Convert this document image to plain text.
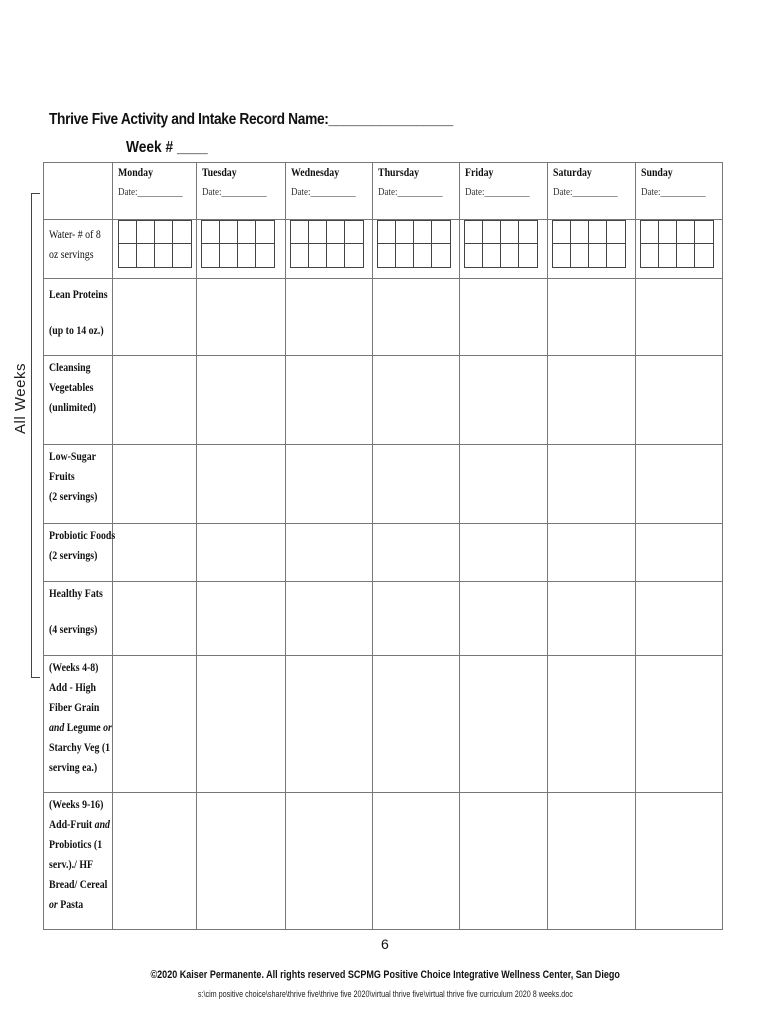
Thrive Five Activity and Intake Record Name:_________________
Week # ____
Monday
Date:__________
Tuesday
Date:__________
Wednesday
Date:__________
Thursday
Date:__________
Friday
Date:__________
Saturday
Date:__________
Sunday
Date:__________
Water- # of 8
oz servings
Lean Proteins
(up to 14 oz.)
Cleansing
Vegetables
(unlimited)
Low-Sugar
Fruits
(2 servings)
Probiotic Foods
(2 servings)
Healthy Fats
(4 servings)
(Weeks 4-8)
Add - High
Fiber Grain
and Legume or
Starchy Veg (1
serving ea.)
(Weeks 9-16)
Add-Fruit and
Probiotics (1
serv.)./ HF
Bread/ Cereal
or Pasta
All Weeks
6
©2020 Kaiser Permanente. All rights reserved SCPMG Positive Choice Integrative Wellness Center, San Diego
s:\cim positive choice\share\thrive five\thrive five 2020\virtual thrive five\virtual thrive five curriculum 2020 8 weeks.doc
